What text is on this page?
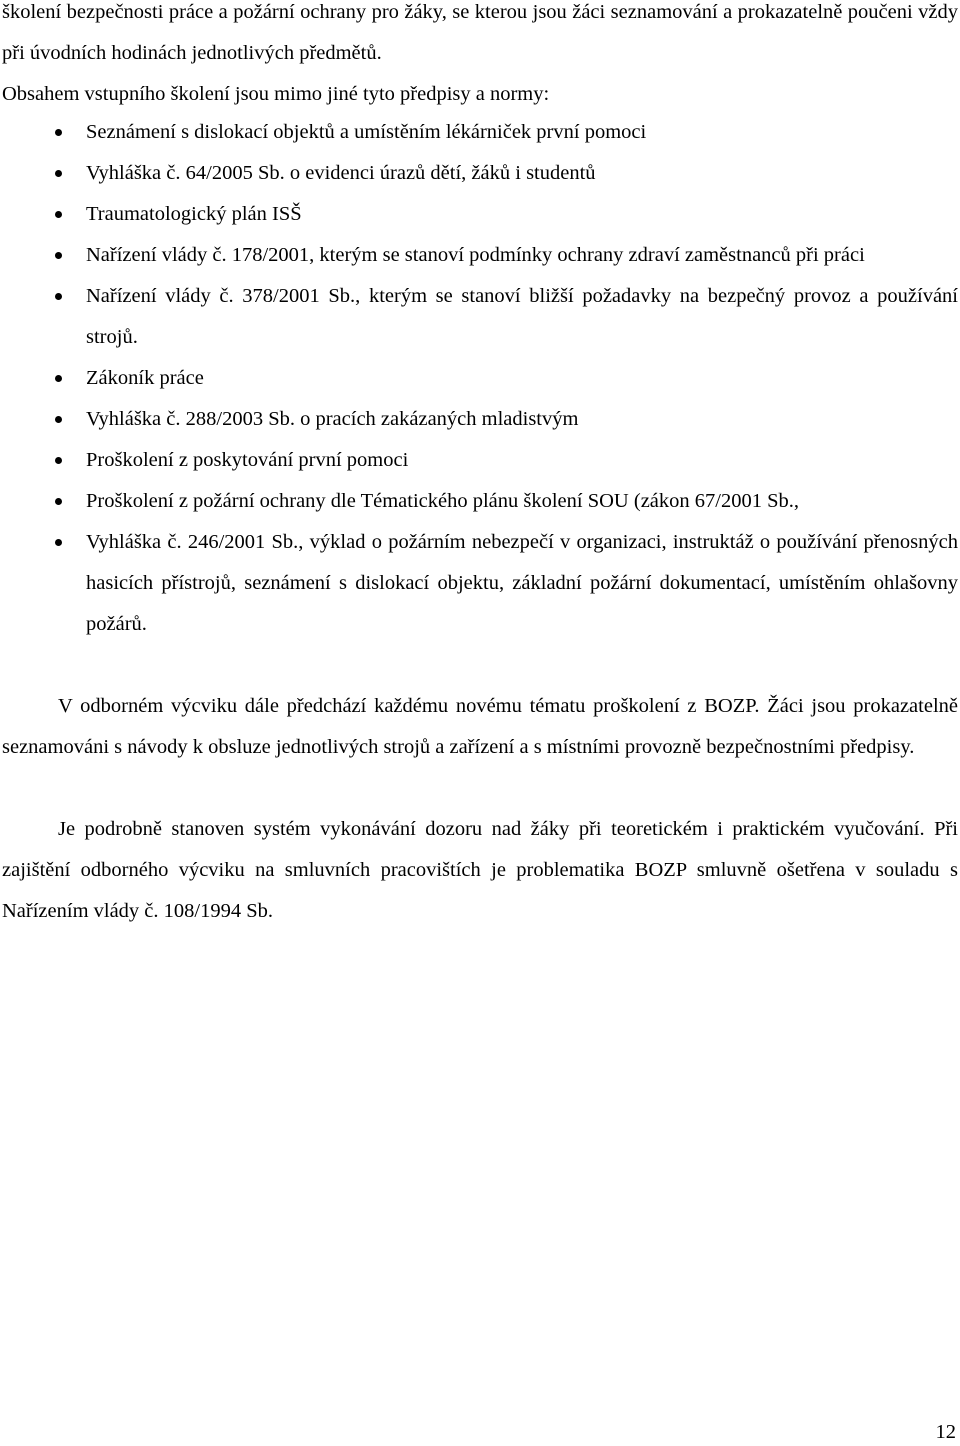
školení bezpečnosti práce a požární ochrany pro žáky, se kterou jsou žáci seznamování a prokazatelně poučeni vždy při úvodních hodinách jednotlivých předmětů.

Obsahem vstupního školení jsou mimo jiné tyto předpisy a normy:

Seznámení s dislokací objektů a umístěním lékárniček první pomoci
Vyhláška č. 64/2005 Sb. o evidenci úrazů dětí, žáků i studentů
Traumatologický plán ISŠ
Nařízení vlády č. 178/2001, kterým se stanoví podmínky ochrany zdraví zaměstnanců při práci
Nařízení vlády č. 378/2001 Sb., kterým se stanoví bližší požadavky na bezpečný provoz a používání strojů.
Zákoník práce
Vyhláška č. 288/2003 Sb. o pracích zakázaných mladistvým
Proškolení z poskytování první pomoci
Proškolení z požární ochrany dle Tématického plánu školení SOU (zákon 67/2001 Sb.,
Vyhláška č. 246/2001 Sb., výklad o požárním nebezpečí v organizaci, instruktáž o používání přenosných hasicích přístrojů, seznámení s dislokací objektu, základní požární dokumentací, umístěním ohlašovny požárů.

V odborném výcviku dále předchází každému novému tématu proškolení z BOZP. Žáci jsou prokazatelně seznamováni s návody k obsluze jednotlivých strojů a zařízení a s místními provozně bezpečnostními předpisy.

Je podrobně stanoven systém vykonávání dozoru nad žáky při teoretickém i praktickém vyučování. Při zajištění odborného výcviku na smluvních pracovištích je problematika BOZP smluvně ošetřena v souladu s Nařízením vlády č. 108/1994 Sb.

12
